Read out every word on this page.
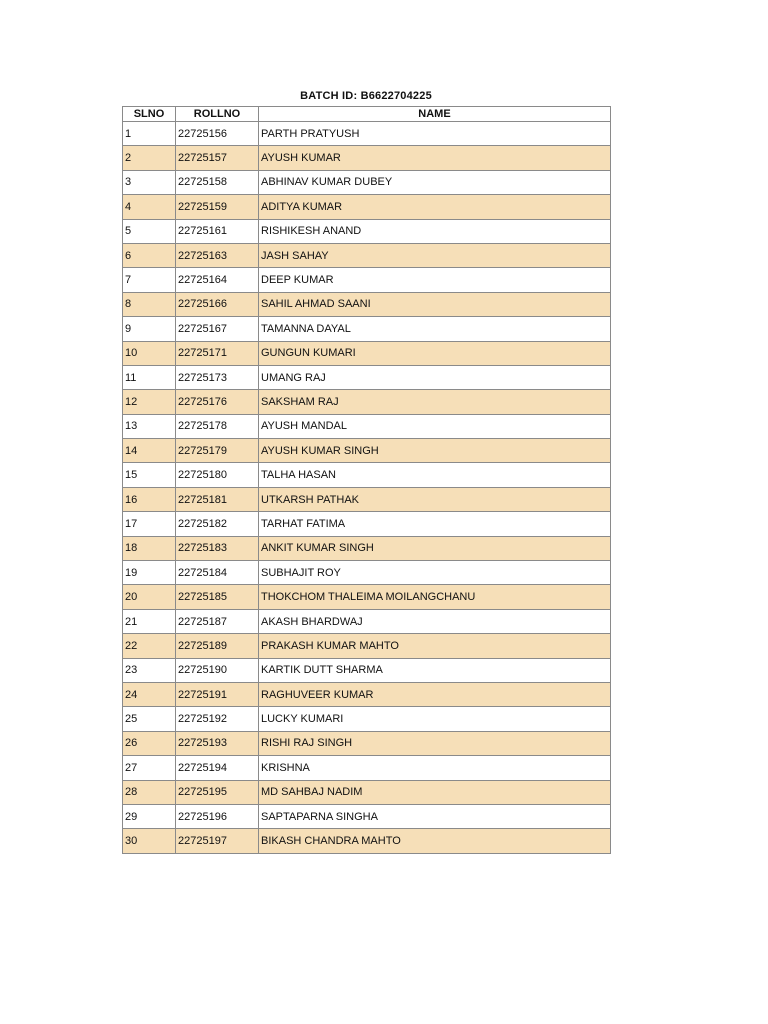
BATCH ID: B6622704225
SLNO	ROLLNO	NAME
1	22725156	PARTH PRATYUSH
2	22725157	AYUSH KUMAR
3	22725158	ABHINAV KUMAR DUBEY
4	22725159	ADITYA KUMAR
5	22725161	RISHIKESH ANAND
6	22725163	JASH SAHAY
7	22725164	DEEP KUMAR
8	22725166	SAHIL AHMAD SAANI
9	22725167	TAMANNA DAYAL
10	22725171	GUNGUN KUMARI
11	22725173	UMANG RAJ
12	22725176	SAKSHAM RAJ
13	22725178	AYUSH MANDAL
14	22725179	AYUSH KUMAR SINGH
15	22725180	TALHA HASAN
16	22725181	UTKARSH PATHAK
17	22725182	TARHAT FATIMA
18	22725183	ANKIT KUMAR SINGH
19	22725184	SUBHAJIT ROY
20	22725185	THOKCHOM THALEIMA MOILANGCHANU
21	22725187	AKASH BHARDWAJ
22	22725189	PRAKASH KUMAR MAHTO
23	22725190	KARTIK DUTT SHARMA
24	22725191	RAGHUVEER KUMAR
25	22725192	LUCKY KUMARI
26	22725193	RISHI RAJ SINGH
27	22725194	KRISHNA
28	22725195	MD SAHBAJ NADIM
29	22725196	SAPTAPARNA SINGHA
30	22725197	BIKASH CHANDRA MAHTO
